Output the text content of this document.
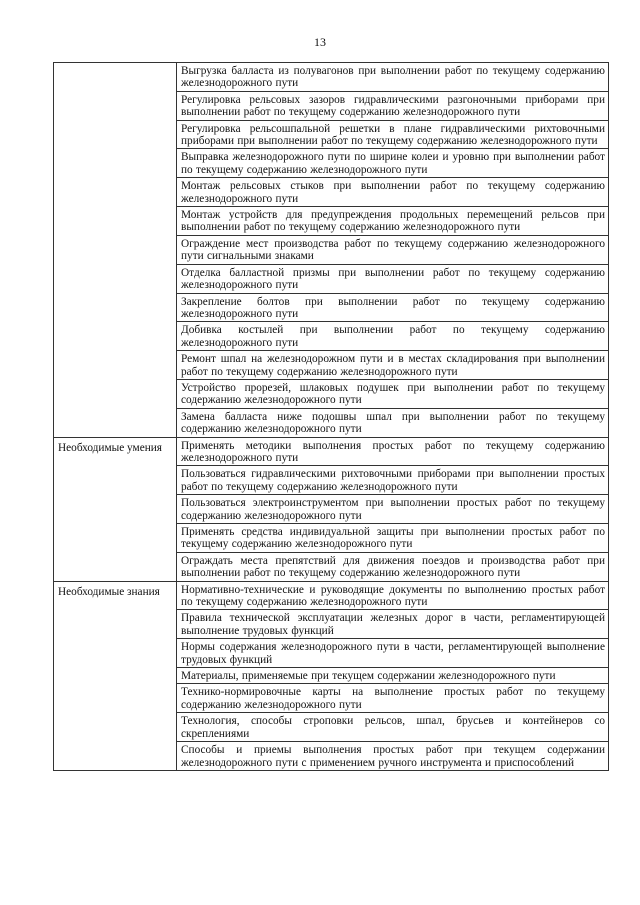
13
	Выгрузка балласта из полувагонов при выполнении работ по текущему содержанию железнодорожного пути
	Регулировка рельсовых зазоров гидравлическими разгоночными приборами при выполнении работ по текущему содержанию железнодорожного пути
	Регулировка рельсошпальной решетки в плане гидравлическими рихтовочными приборами при выполнении работ по текущему содержанию железнодорожного пути
	Выправка железнодорожного пути по ширине колеи и уровню при выполнении работ по текущему содержанию железнодорожного пути
	Монтаж рельсовых стыков при выполнении работ по текущему содержанию железнодорожного пути
	Монтаж устройств для предупреждения продольных перемещений рельсов при выполнении работ по текущему содержанию железнодорожного пути
	Ограждение мест производства работ по текущему содержанию железнодорожного пути сигнальными знаками
	Отделка балластной призмы при выполнении работ по текущему содержанию железнодорожного пути
	Закрепление болтов при выполнении работ по текущему содержанию железнодорожного пути
	Добивка костылей при выполнении работ по текущему содержанию железнодорожного пути
	Ремонт шпал на железнодорожном пути и в местах складирования при выполнении работ по текущему содержанию железнодорожного пути
	Устройство прорезей, шлаковых подушек при выполнении работ по текущему содержанию железнодорожного пути
	Замена балласта ниже подошвы шпал при выполнении работ по текущему содержанию железнодорожного пути

Необходимые умения	Применять методики выполнения простых работ по текущему содержанию железнодорожного пути
	Пользоваться гидравлическими рихтовочными приборами при выполнении простых работ по текущему содержанию железнодорожного пути
	Пользоваться электроинструментом при выполнении простых работ по текущему содержанию железнодорожного пути
	Применять средства индивидуальной защиты при выполнении простых работ по текущему содержанию железнодорожного пути
	Ограждать места препятствий для движения поездов и производства работ при выполнении работ по текущему содержанию железнодорожного пути

Необходимые знания	Нормативно-технические и руководящие документы по выполнению простых работ по текущему содержанию железнодорожного пути
	Правила технической эксплуатации железных дорог в части, регламентирующей выполнение трудовых функций
	Нормы содержания железнодорожного пути в части, регламентирующей выполнение трудовых функций
	Материалы, применяемые при текущем содержании железнодорожного пути
	Технико-нормировочные карты на выполнение простых работ по текущему содержанию железнодорожного пути
	Технология, способы строповки рельсов, шпал, брусьев и контейнеров со скреплениями
	Способы и приемы выполнения простых работ при текущем содержании железнодорожного пути с применением ручного инструмента и приспособлений
